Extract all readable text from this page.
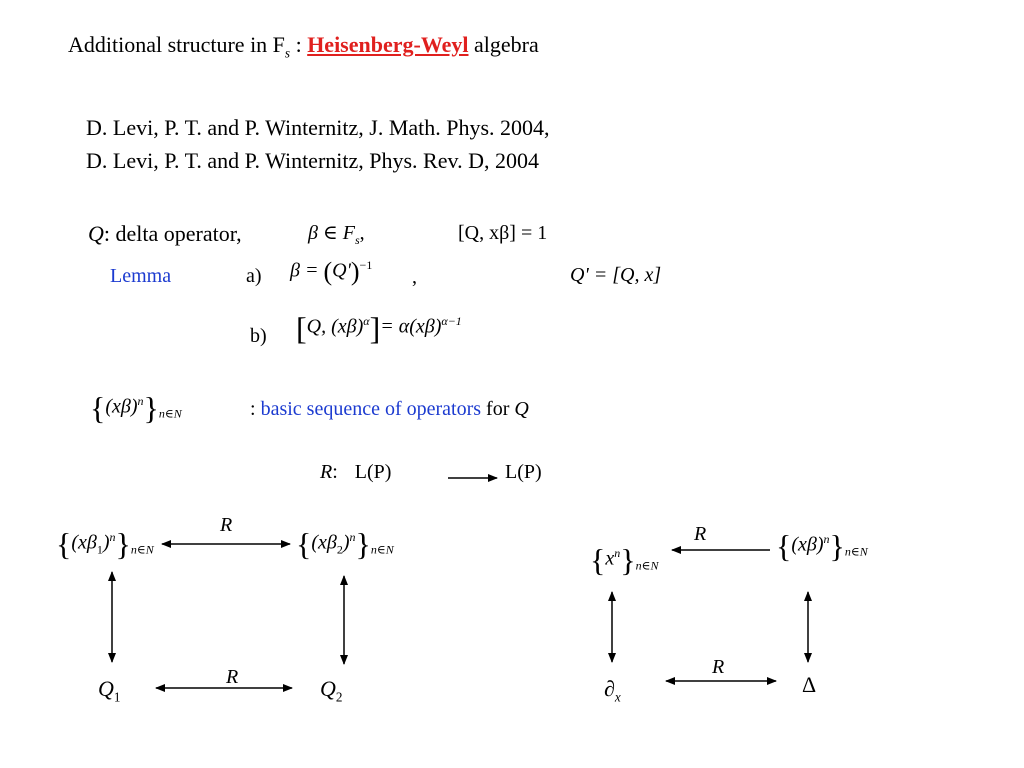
Additional structure in $F_s$ : Heisenberg-Weyl algebra
D. Levi, P. T. and P. Winternitz, J. Math. Phys. 2004,
D. Levi, P. T. and P. Winternitz, Phys. Rev. D, 2004
Q: delta operator,	β ∈ $F_s$,	[Q, xβ] = 1
Lemma	a) $\beta = (Q')^{-1}$
,	Q' = [Q, x]
b) [Q, $(x\beta)^\alpha]= \alpha(x\beta)^{\alpha-1}$
$\{(x\beta)^n\}_{n\in N}$	: basic sequence of operators for Q
R: L(P)	L(P)
$\{(x\beta_1)^n\}_{n\in N}$	$\{(x\beta_2)^n\}_{n\in N}$
R
R
$Q_1$	$Q_2$
$\{x^n\}_{n\in N}$
$\{(x\beta)^n\}_{n\in N}$
R
R
$\partial_x$	Δ
